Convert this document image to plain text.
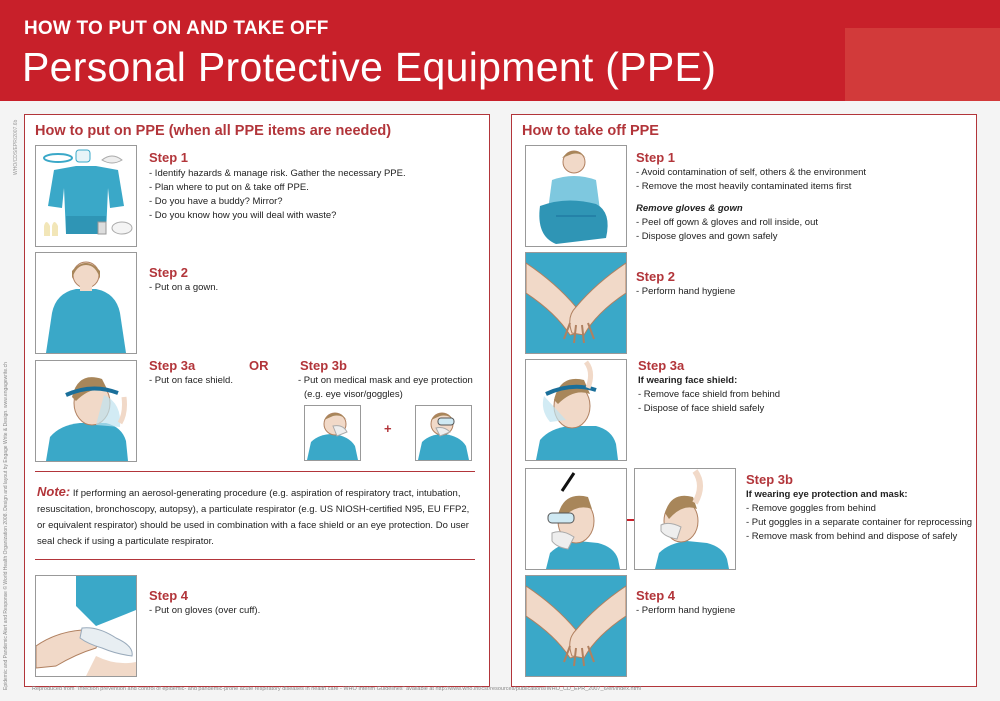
HOW TO PUT ON AND TAKE OFF
Personal Protective Equipment (PPE)
Epidemic and Pandemic Alert and Response © World Health Organization 2008. Design and layout by Engage Write & Design. www.engagewrite.ch
WHO/CDS/EPR/2007.6b How to put on PPE (when all PPE items are needed)
Step 1
- Identify hazards & manage risk. Gather the necessary PPE.
- Plan where to put on & take off PPE.
- Do you have a buddy? Mirror?
- Do you know how you will deal with waste?
Step 2
- Put on a gown.
Step 3a
- Put on face shield.
OR Step 3b
- Put on medical mask and eye protection
(e.g. eye visor/goggles)
+
Note: If performing an aerosol-generating procedure (e.g. aspiration of respiratory tract, intubation, resuscitation, bronchoscopy, autopsy), a particulate respirator (e.g. US NIOSH-certified N95, EU FFP2, or equivalent respirator) should be used in combination with a face shield or an eye protection. Do user seal check if using a particulate respirator.
Step 4
- Put on gloves (over cuff).
How to take off PPE
Step 1
- Avoid contamination of self, others & the environment
- Remove the most heavily contaminated items first
Remove gloves & gown
- Peel off gown & gloves and roll inside, out
- Dispose gloves and gown safely
Step 2
- Perform hand hygiene
Step 3a
If wearing face shield:
- Remove face shield from behind
- Dispose of face shield safely
Step 3b
If wearing eye protection and mask:
- Remove goggles from behind
- Put goggles in a separate container for reprocessing
- Remove mask from behind and dispose of safely
Step 4
- Perform hand hygiene
Reproduced from "Infection prevention and control of epidemic- and pandemic-prone acute respiratory diseases in health care - WHO Interim Guidelines" available at http://www.who.int/csr/resources/publications/WHO_CD_EPR_2007_6/en/index.html
